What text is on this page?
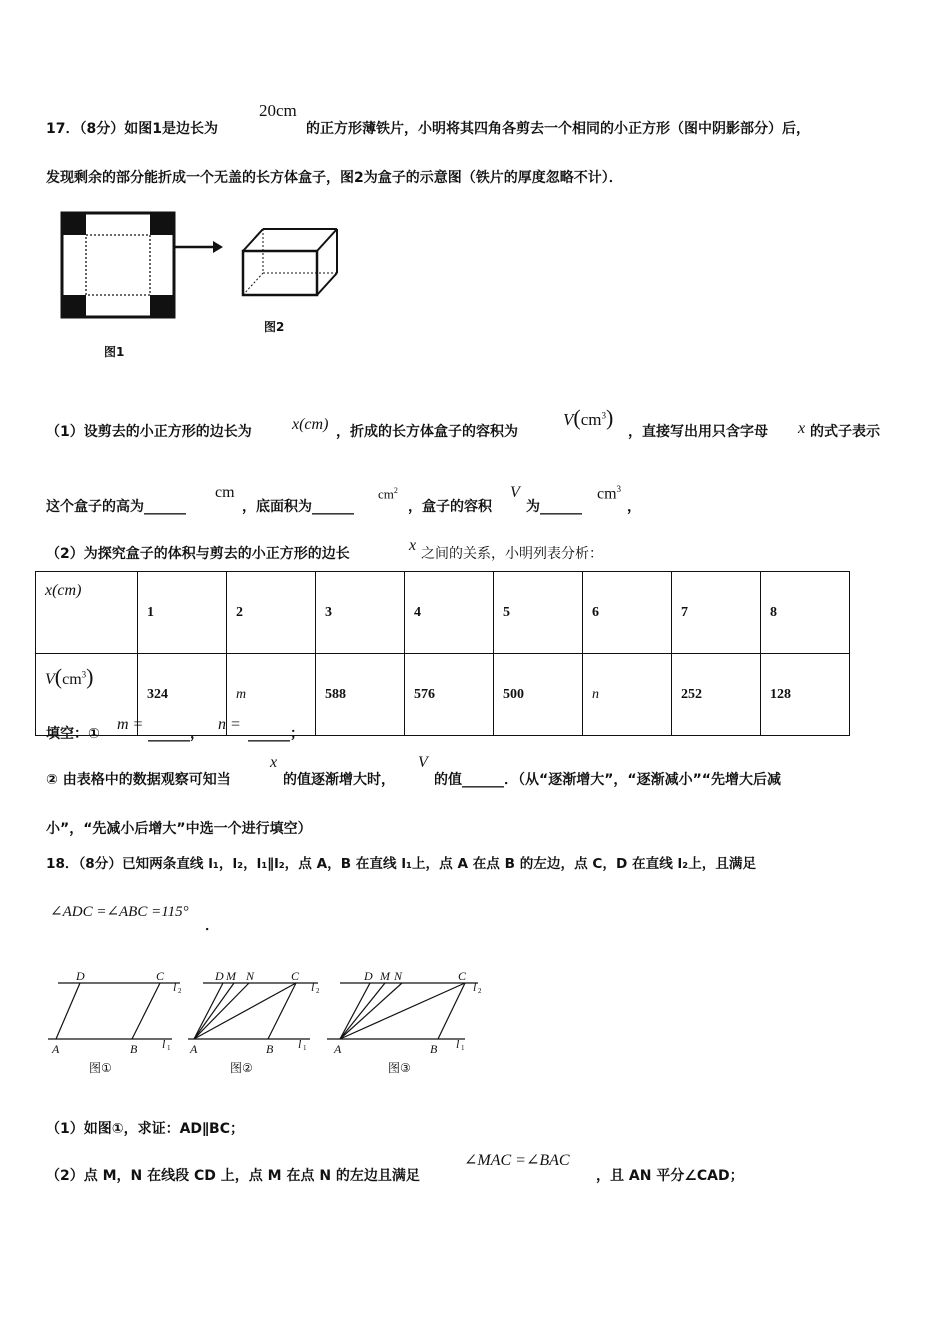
17．（8分）如图1是边长为
20cm
的正方形薄铁片，小明将其四角各剪去一个相同的小正方形（图中阴影部分）后，
发现剩余的部分能折成一个无盖的长方体盒子，图2为盒子的示意图（铁片的厚度忽略不计）．
图2
图1
（1）设剪去的小正方形的边长为	x(cm) ，折成的长方体盒子的容积为
$V(cm^3)$
，直接写出用只含字母 x 的式子表示
这个盒子的高为______
cm
，底面积为______
$cm^2$
，盒子的容积
V
为______
$cm^3$
，
（2）为探究盒子的体积与剪去的小正方形的边长	x 之间的关系，小明列表分析：
x(cm)	1	2	3	4	5	6	7	8
$V(cm^3)$	324	m	588	576	500	n	252	128
填空：①
m =
______，
n =
______；
② 由表格中的数据观察可知当
x
的值逐渐增大时，
V
的值______．（从“逐渐增大”，“逐渐减小”“先增大后减
小”，“先减小后增大”中选一个进行填空）
18．（8分）已知两条直线 l₁，l₂，l₁∥l₂，点 A，B 在直线 l₁上，点 A 在点 B 的左边，点 C，D 在直线 l₂上，且满足
∠ADC =∠ABC =115°
．
D	C
l 2
A	B l 1
D M N	C
l 2
A	B l 1
D M N	C
l 2
A	B l 1
图①	图②	图③
（1）如图①，求证：AD∥BC；
（2）点 M，N 在线段 CD 上，点 M 在点 N 的左边且满足
∠MAC =∠BAC
，且 AN 平分∠CAD；
